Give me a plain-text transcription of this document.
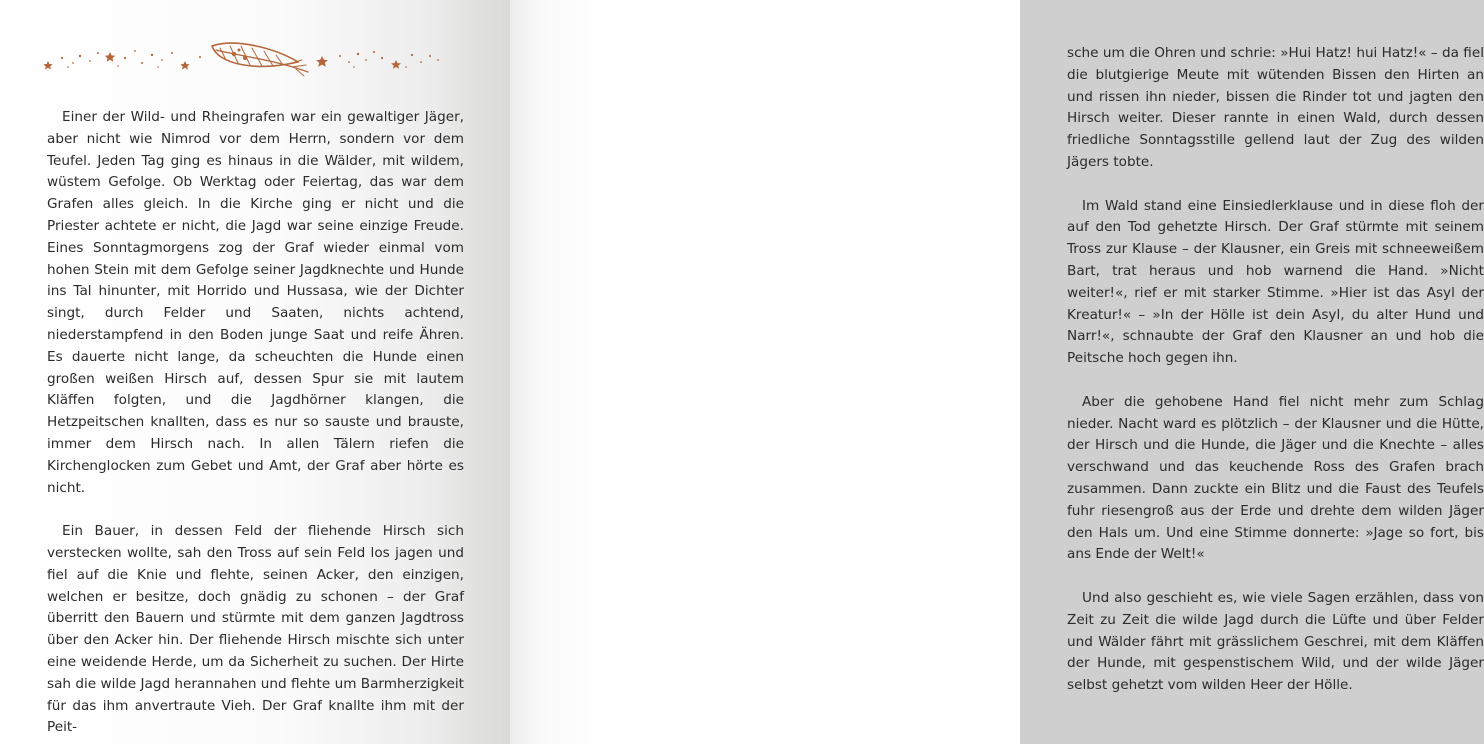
Einer der Wild- und Rheingrafen war ein gewaltiger Jäger, aber nicht wie Nimrod vor dem Herrn, sondern vor dem Teufel. Jeden Tag ging es hinaus in die Wälder, mit wildem, wüstem Gefolge. Ob Werktag oder Feiertag, das war dem Grafen alles gleich. In die Kirche ging er nicht und die Priester achtete er nicht, die Jagd war seine einzige Freude. Eines Sonntagmorgens zog der Graf wieder einmal vom hohen Stein mit dem Gefolge seiner Jagdknechte und Hunde ins Tal hinunter, mit Horrido und Hussasa, wie der Dichter singt, durch Felder und Saaten, nichts achtend, niederstampfend in den Boden junge Saat und reife Ähren. Es dauerte nicht lange, da scheuchten die Hunde einen großen weißen Hirsch auf, dessen Spur sie mit lautem Kläffen folgten, und die Jagdhörner klangen, die Hetzpeitschen knallten, dass es nur so sauste und brauste, immer dem Hirsch nach. In allen Tälern riefen die Kirchenglocken zum Gebet und Amt, der Graf aber hörte es nicht.

Ein Bauer, in dessen Feld der fliehende Hirsch sich verstecken wollte, sah den Tross auf sein Feld los jagen und fiel auf die Knie und flehte, seinen Acker, den einzigen, welchen er besitze, doch gnädig zu schonen – der Graf überritt den Bauern und stürmte mit dem ganzen Jagdtross über den Acker hin. Der fliehende Hirsch mischte sich unter eine weidende Herde, um da Sicherheit zu suchen. Der Hirte sah die wilde Jagd herannahen und flehte um Barmherzigkeit für das ihm anvertraute Vieh. Der Graf knallte ihm mit der Peit-

sche um die Ohren und schrie: »Hui Hatz! hui Hatz!« – da fiel die blutgierige Meute mit wütenden Bissen den Hirten an und rissen ihn nieder, bissen die Rinder tot und jagten den Hirsch weiter. Dieser rannte in einen Wald, durch dessen friedliche Sonntagsstille gellend laut der Zug des wilden Jägers tobte.

Im Wald stand eine Einsiedlerklause und in diese floh der auf den Tod gehetzte Hirsch. Der Graf stürmte mit seinem Tross zur Klause – der Klausner, ein Greis mit schneeweißem Bart, trat heraus und hob warnend die Hand. »Nicht weiter!«, rief er mit starker Stimme. »Hier ist das Asyl der Kreatur!« – »In der Hölle ist dein Asyl, du alter Hund und Narr!«, schnaubte der Graf den Klausner an und hob die Peitsche hoch gegen ihn.

Aber die gehobene Hand fiel nicht mehr zum Schlag nieder. Nacht ward es plötzlich – der Klausner und die Hütte, der Hirsch und die Hunde, die Jäger und die Knechte – alles verschwand und das keuchende Ross des Grafen brach zusammen. Dann zuckte ein Blitz und die Faust des Teufels fuhr riesengroß aus der Erde und drehte dem wilden Jäger den Hals um. Und eine Stimme donnerte: »Jage so fort, bis ans Ende der Welt!«

Und also geschieht es, wie viele Sagen erzählen, dass von Zeit zu Zeit die wilde Jagd durch die Lüfte und über Felder und Wälder fährt mit grässlichem Geschrei, mit dem Kläffen der Hunde, mit gespenstischem Wild, und der wilde Jäger selbst gehetzt vom wilden Heer der Hölle.
